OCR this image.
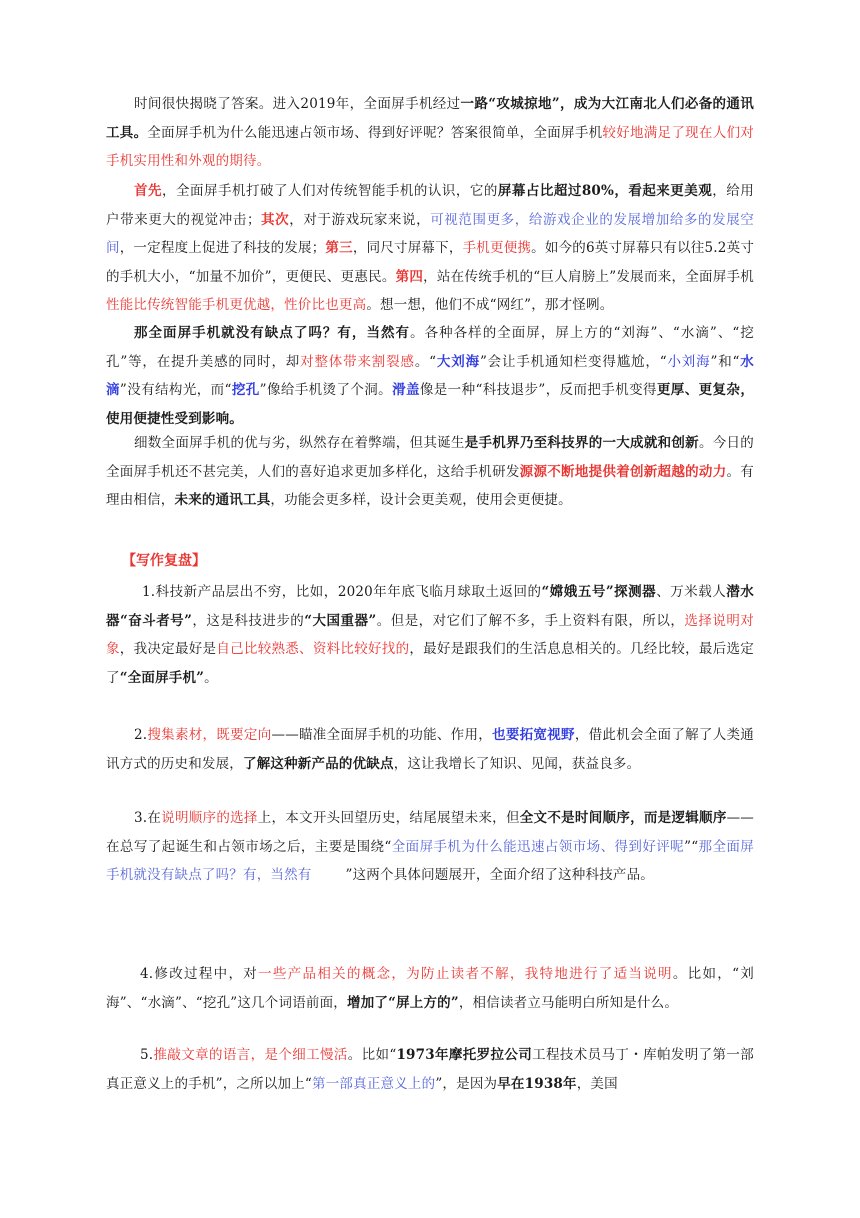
时间很快揭晓了答案。进入2019年，全面屏手机经过一路“攻城掠地”，成为大江南北人们必备的通讯工具。全面屏手机为什么能迅速占领市场、得到好评呢？答案很简单，全面屏手机较好地满足了现在人们对手机实用性和外观的期待。

首先，全面屏手机打破了人们对传统智能手机的认识，它的屏幕占比超过80%，看起来更美观，给用户带来更大的视觉冲击；其次，对于游戏玩家来说，可视范围更多，给游戏企业的发展增加给多的发展空间，一定程度上促进了科技的发展；第三，同尺寸屏幕下，手机更便携。如今的6英寸屏幕只有以往5.2英寸的手机大小，“加量不加价”，更便民、更惠民。第四，站在传统手机的“巨人肩膀上”发展而来，全面屏手机性能比传统智能手机更优越，性价比也更高。想一想，他们不成“网红”，那才怪咧。

那全面屏手机就没有缺点了吗？有，当然有。各种各样的全面屏，屏上方的“刘海”、“水滴”、“挖孔”等，在提升美感的同时，却对整体带来割裂感。“大刘海”会让手机通知栏变得尴尬，“小刘海”和“水滴”没有结构光，而“挖孔”像给手机烫了个洞。滑盖像是一种“科技退步”，反而把手机变得更厚、更复杂，使用便捷性受到影响。

细数全面屏手机的优与劣，纵然存在着弊端，但其诞生是手机界乃至科技界的一大成就和创新。今日的全面屏手机还不甚完美，人们的喜好追求更加多样化，这给手机研发源源不断地提供着创新超越的动力。有理由相信，未来的通讯工具，功能会更多样，设计会更美观，使用会更便捷。

【写作复盘】

1.科技新产品层出不穷，比如，2020年年底飞临月球取土返回的“嫦娥五号”探测器、万米载人潜水器“奋斗者号”，这是科技进步的“大国重器”。但是，对它们了解不多，手上资料有限，所以，选择说明对象，我决定最好是自己比较熟悉、资料比较好找的，最好是跟我们的生活息息相关的。几经比较，最后选定了“全面屏手机”。

2.搜集素材，既要定向——瞄准全面屏手机的功能、作用，也要拓宽视野，借此机会全面了解了人类通讯方式的历史和发展，了解这种新产品的优缺点，这让我增长了知识、见闻，获益良多。

3.在说明顺序的选择上，本文开头回望历史，结尾展望未来，但全文不是时间顺序，而是逻辑顺序——在总写了起诞生和占领市场之后，主要是围绕“全面屏手机为什么能迅速占领市场、得到好评呢”“那全面屏手机就没有缺点了吗？有，当然有	”这两个具体问题展开，全面介绍了这种科技产品。

4.修改过程中，对一些产品相关的概念，为防止读者不解，我特地进行了适当说明。比如，“刘海”、“水滴”、“挖孔”这几个词语前面，增加了“屏上方的”，相信读者立马能明白所知是什么。

5.推敲文章的语言，是个细工慢活。比如“1973年摩托罗拉公司工程技术员马丁・库帕发明了第一部真正意义上的手机”，之所以加上“第一部真正意义上的”，是因为早在1938年，美国
